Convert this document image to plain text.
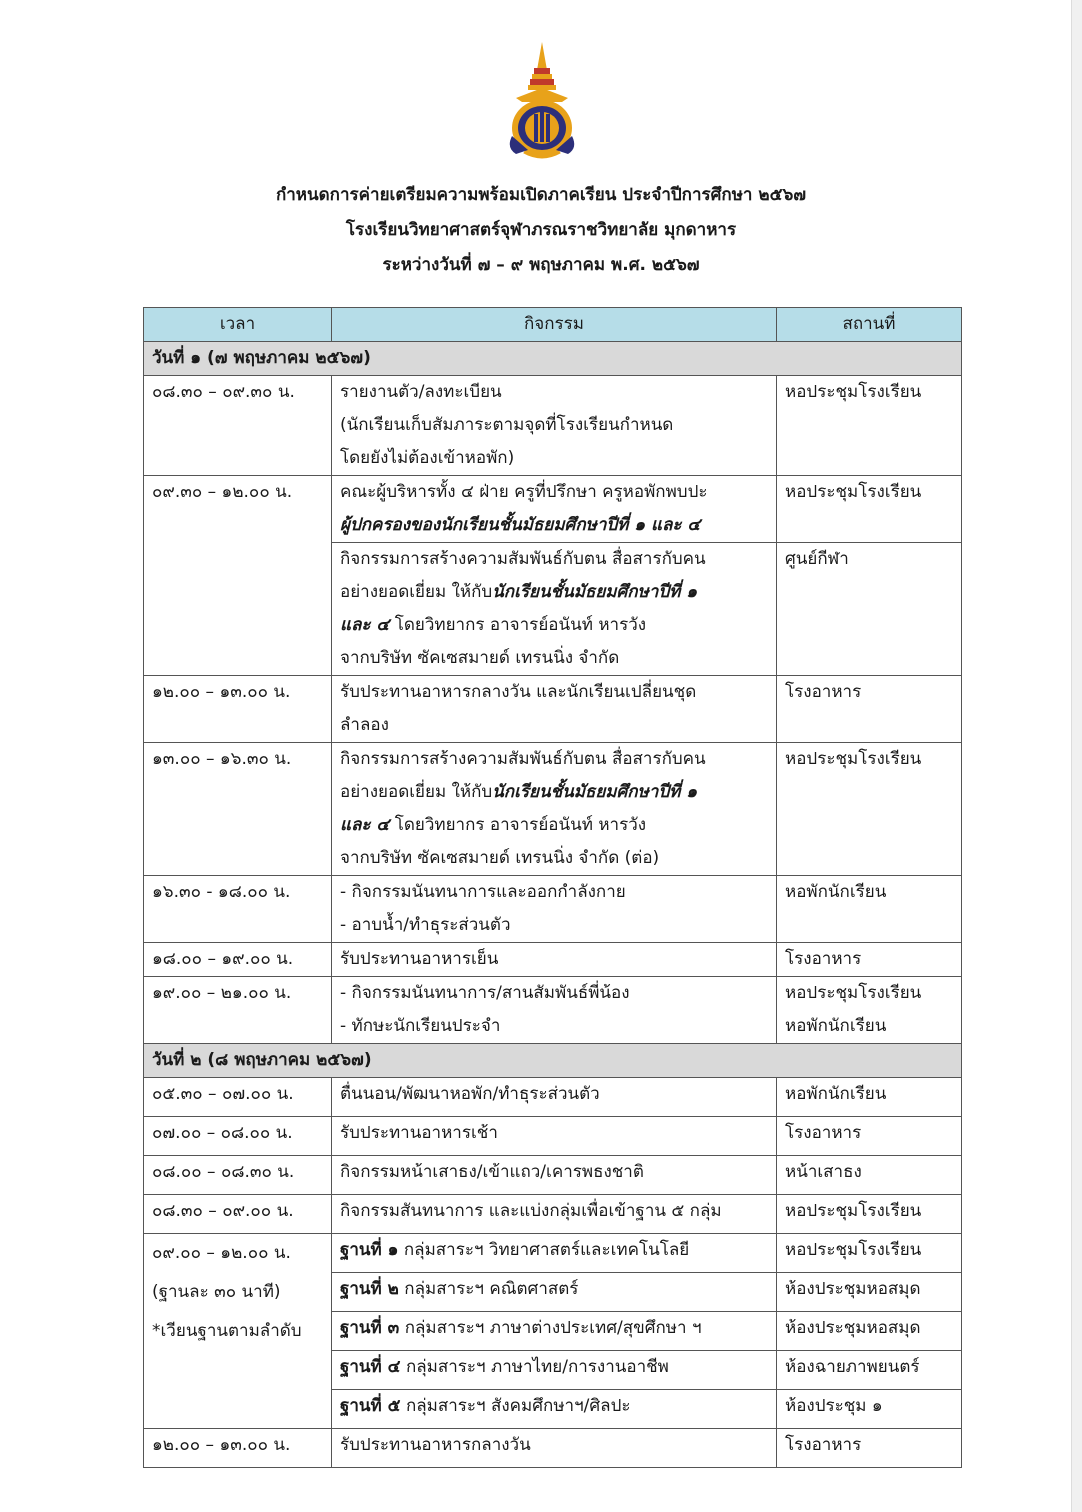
กำหนดการค่ายเตรียมความพร้อมเปิดภาคเรียน ประจำปีการศึกษา ๒๕๖๗
โรงเรียนวิทยาศาสตร์จุฬาภรณราชวิทยาลัย มุกดาหาร
ระหว่างวันที่ ๗ – ๙ พฤษภาคม พ.ศ. ๒๕๖๗
เวลา	กิจกรรม	สถานที่
วันที่ ๑ (๗ พฤษภาคม ๒๕๖๗)		
๐๘.๓๐ – ๐๙.๓๐ น.	รายงานตัว/ลงทะเบียน
(นักเรียนเก็บสัมภาระตามจุดที่โรงเรียนกำหนด
โดยยังไม่ต้องเข้าหอพัก)	หอประชุมโรงเรียน
๐๙.๓๐ – ๑๒.๐๐ น.	คณะผู้บริหารทั้ง ๔ ฝ่าย ครูที่ปรึกษา ครูหอพักพบปะ
ผู้ปกครองของนักเรียนชั้นมัธยมศึกษาปีที่ ๑ และ ๔	หอประชุมโรงเรียน

	กิจกรรมการสร้างความสัมพันธ์กับตน สื่อสารกับคน
อย่างยอดเยี่ยม ให้กับนักเรียนชั้นมัธยมศึกษาปีที่ ๑
และ ๔ โดยวิทยากร อาจารย์อนันท์ หารวัง
จากบริษัท ซัคเซสมายด์ เทรนนิ่ง จำกัด	ศูนย์กีฬา
๑๒.๐๐ – ๑๓.๐๐ น.	รับประทานอาหารกลางวัน และนักเรียนเปลี่ยนชุด
ลำลอง	โรงอาหาร
๑๓.๐๐ – ๑๖.๓๐ น.	กิจกรรมการสร้างความสัมพันธ์กับตน สื่อสารกับคน
อย่างยอดเยี่ยม ให้กับนักเรียนชั้นมัธยมศึกษาปีที่ ๑
และ ๔ โดยวิทยากร อาจารย์อนันท์ หารวัง
จากบริษัท ซัคเซสมายด์ เทรนนิ่ง จำกัด (ต่อ)	หอประชุมโรงเรียน
๑๖.๓๐ - ๑๘.๐๐ น.	- กิจกรรมนันทนาการและออกกำลังกาย
- อาบน้ำ/ทำธุระส่วนตัว	หอพักนักเรียน
๑๘.๐๐ – ๑๙.๐๐ น.	รับประทานอาหารเย็น	โรงอาหาร
๑๙.๐๐ – ๒๑.๐๐ น.	- กิจกรรมนันทนาการ/สานสัมพันธ์พี่น้อง
- ทักษะนักเรียนประจำ	หอประชุมโรงเรียน
หอพักนักเรียน

วันที่ ๒ (๘ พฤษภาคม ๒๕๖๗)		
๐๕.๓๐ – ๐๗.๐๐ น.	ตื่นนอน/พัฒนาหอพัก/ทำธุระส่วนตัว	หอพักนักเรียน
๐๗.๐๐ – ๐๘.๐๐ น.	รับประทานอาหารเช้า	โรงอาหาร
๐๘.๐๐ – ๐๘.๓๐ น.	กิจกรรมหน้าเสาธง/เข้าแถว/เคารพธงชาติ	หน้าเสาธง
๐๘.๓๐ – ๐๙.๐๐ น.	กิจกรรมสันทนาการ และแบ่งกลุ่มเพื่อเข้าฐาน ๕ กลุ่ม	หอประชุมโรงเรียน

๐๙.๐๐ – ๑๒.๐๐ น.
(ฐานละ ๓๐ นาที)
*เวียนฐานตามลำดับ	ฐานที่ ๑ กลุ่มสาระฯ วิทยาศาสตร์และเทคโนโลยี	หอประชุมโรงเรียน
	ฐานที่ ๒ กลุ่มสาระฯ คณิตศาสตร์	ห้องประชุมหอสมุด
	ฐานที่ ๓ กลุ่มสาระฯ ภาษาต่างประเทศ/สุขศึกษา ฯ	ห้องประชุมหอสมุด
	ฐานที่ ๔ กลุ่มสาระฯ ภาษาไทย/การงานอาชีพ	ห้องฉายภาพยนตร์
	ฐานที่ ๕ กลุ่มสาระฯ สังคมศึกษาฯ/ศิลปะ	ห้องประชุม ๑
๑๒.๐๐ – ๑๓.๐๐ น.	รับประทานอาหารกลางวัน	โรงอาหาร
